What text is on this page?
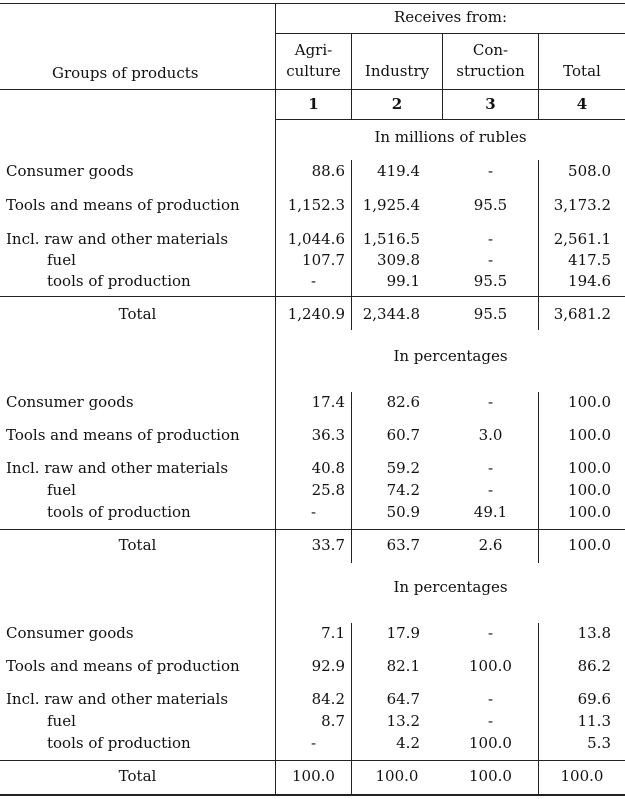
Receives from:
Groups of products
Agri-
culture	Industry
Con-
struction	Total
1	2	3	4
In millions of rubles
Consumer goods	88.6	419.4	-	508.0
Tools and means of production	1,152.3	1,925.4	95.5	3,173.2
Incl. raw and other materials	1,044.6	1,516.5	-	2,561.1
fuel	107.7	309.8	-	417.5
tools of production	-	99.1	95.5	194.6
Total	1,240.9	2,344.8	95.5	3,681.2
In percentages
Consumer goods	17.4	82.6	-	100.0
Tools and means of production	36.3	60.7	3.0	100.0
Incl. raw and other materials	40.8	59.2	-	100.0
fuel	25.8	74.2	-	100.0
tools of production	-	50.9	49.1	100.0
Total	33.7	63.7	2.6	100.0
In percentages
Consumer goods	7.1	17.9	-	13.8
Tools and means of production	92.9	82.1	100.0	86.2
Incl. raw and other materials	84.2	64.7	-	69.6
fuel	8.7	13.2	-	11.3
tools of production	-	4.2	100.0	5.3
Total	100.0	100.0	100.0	100.0
